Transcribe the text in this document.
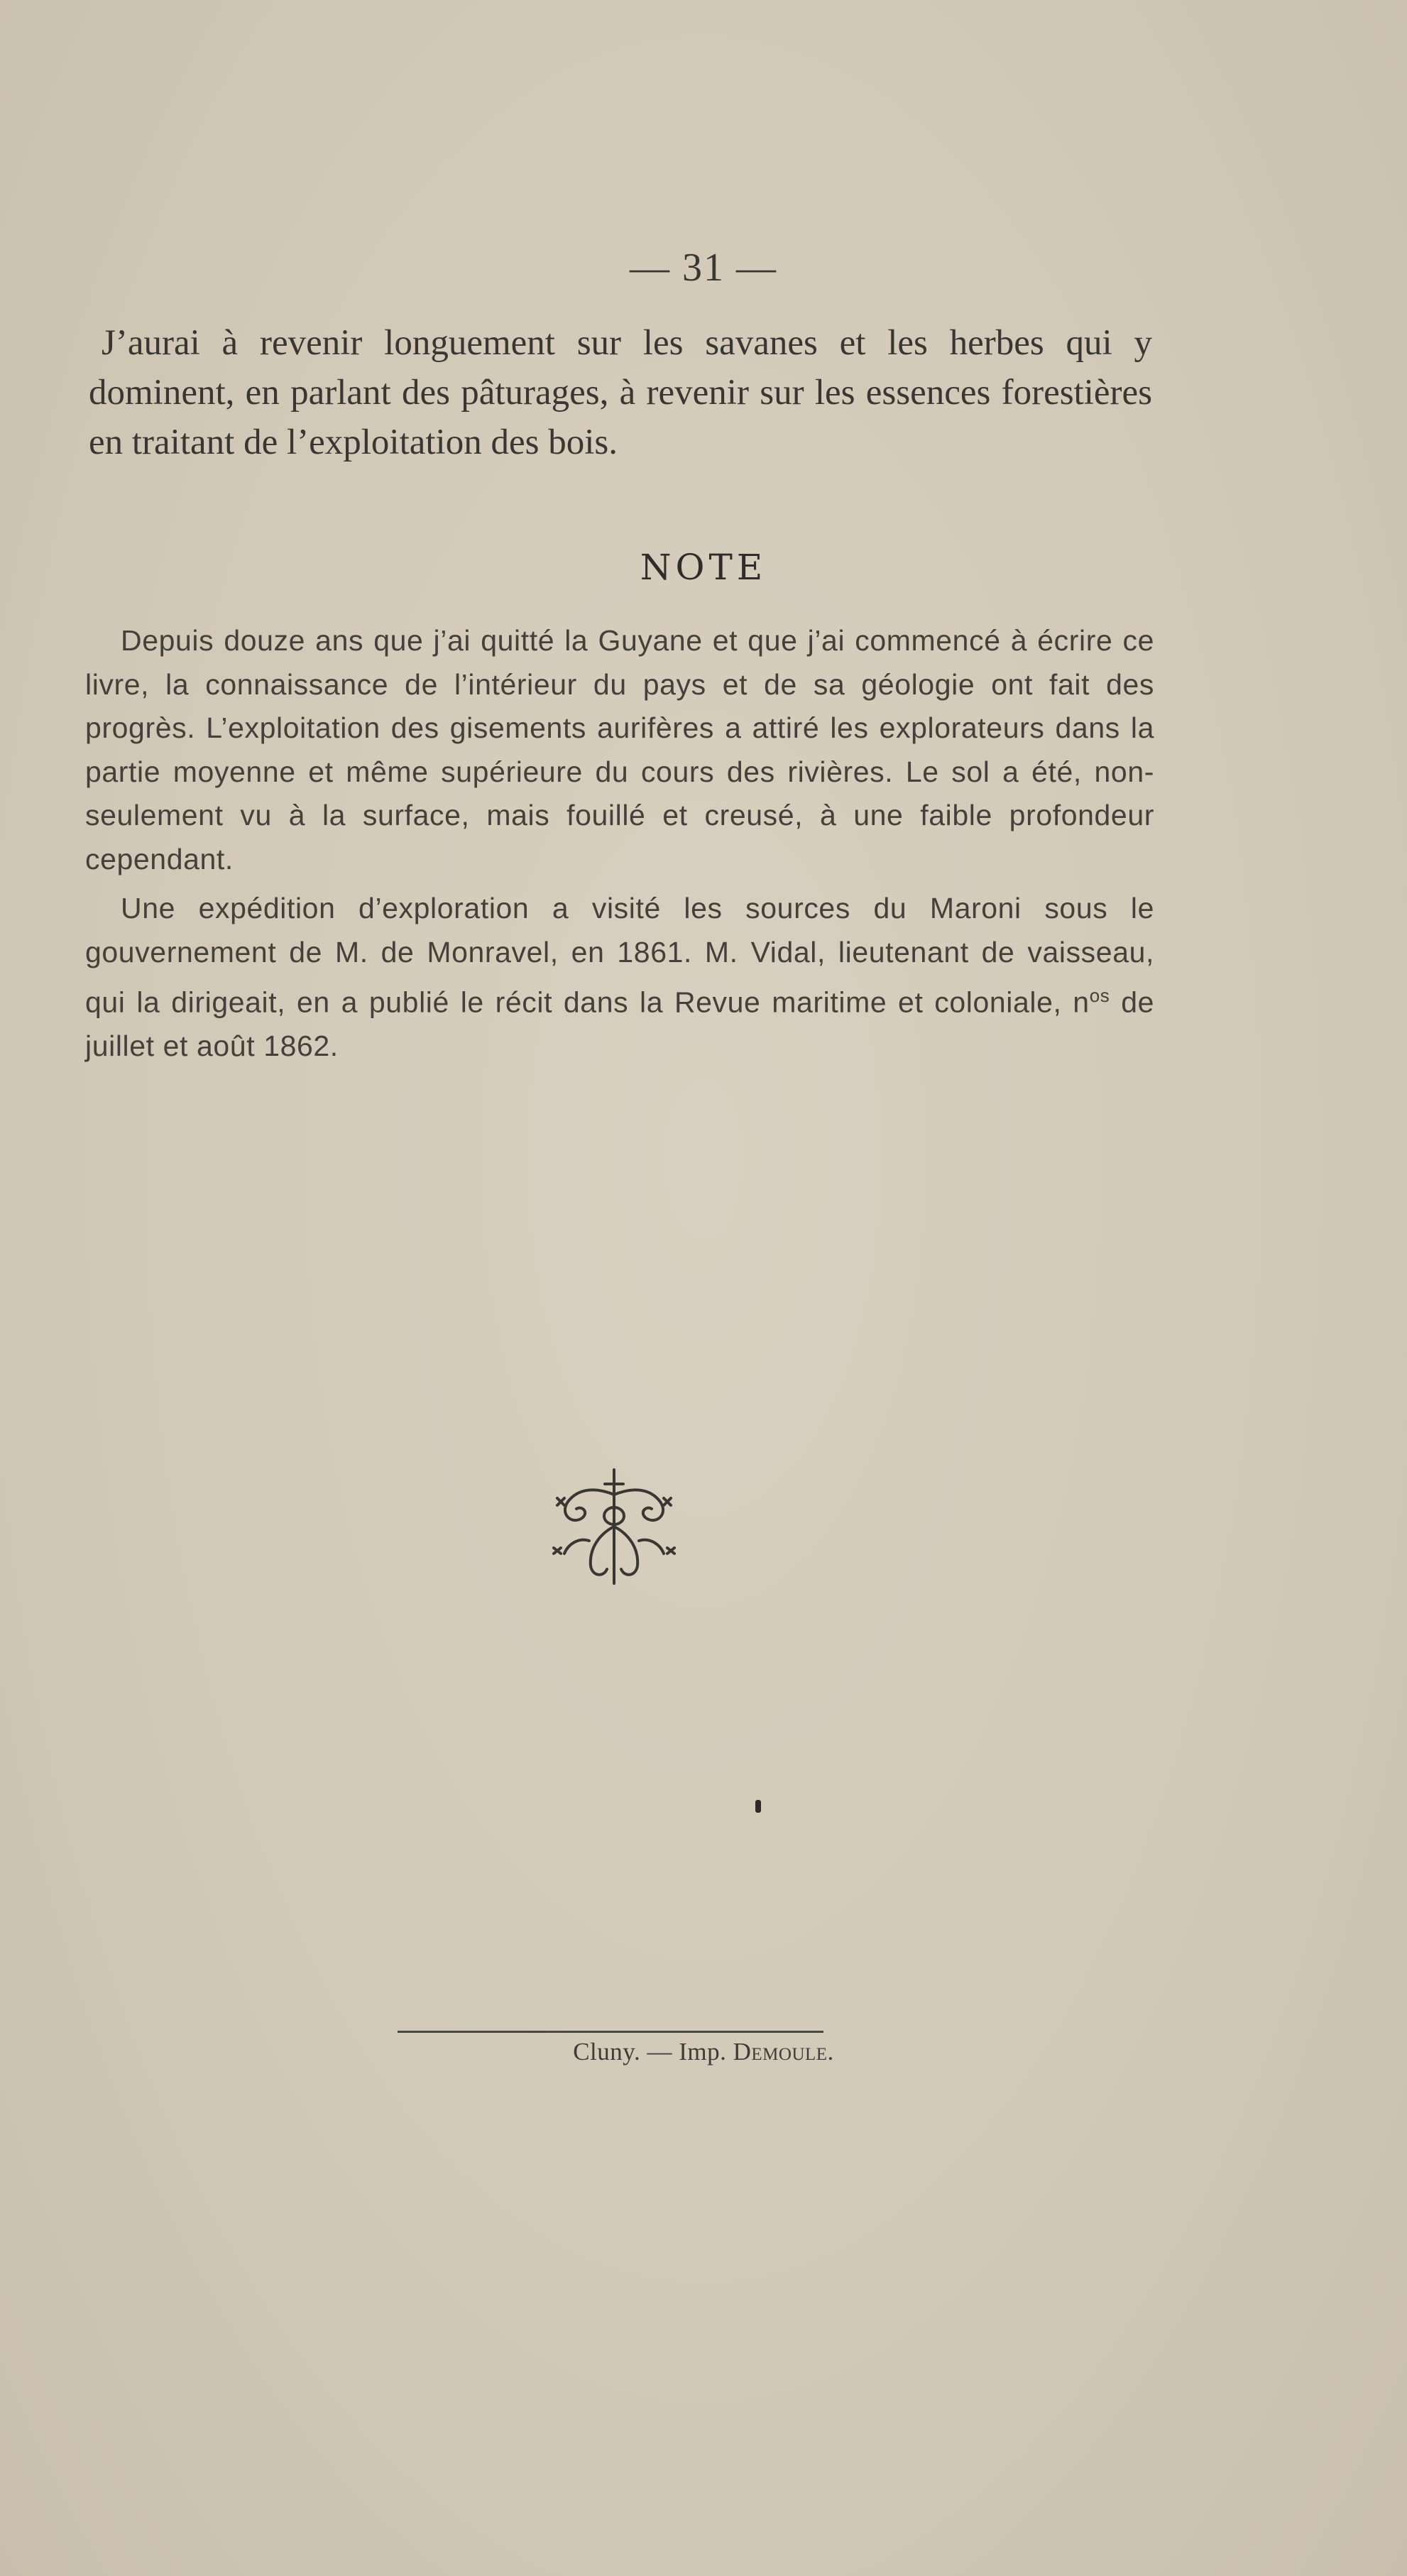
— 31 —
J’aurai à revenir longuement sur les savanes et les herbes qui y dominent, en parlant des pâturages, à revenir sur les essences forestières en traitant de l’exploitation des bois.
NOTE

Depuis douze ans que j’ai quitté la Guyane et que j’ai commencé à écrire ce livre, la connaissance de l’intérieur du pays et de sa géologie ont fait des progrès. L’exploitation des gisements aurifères a attiré les explorateurs dans la partie moyenne et même supérieure du cours des rivières. Le sol a été, non-seulement vu à la surface, mais fouillé et creusé, à une faible profondeur cependant.

Une expédition d’exploration a visité les sources du Maroni sous le gouvernement de M. de Monravel, en 1861. M. Vidal, lieutenant de vaisseau, qui la dirigeait, en a publié le récit dans la Revue maritime et coloniale, $n^{os}$ de juillet et août 1862.

Cluny. — Imp. Demoule.
